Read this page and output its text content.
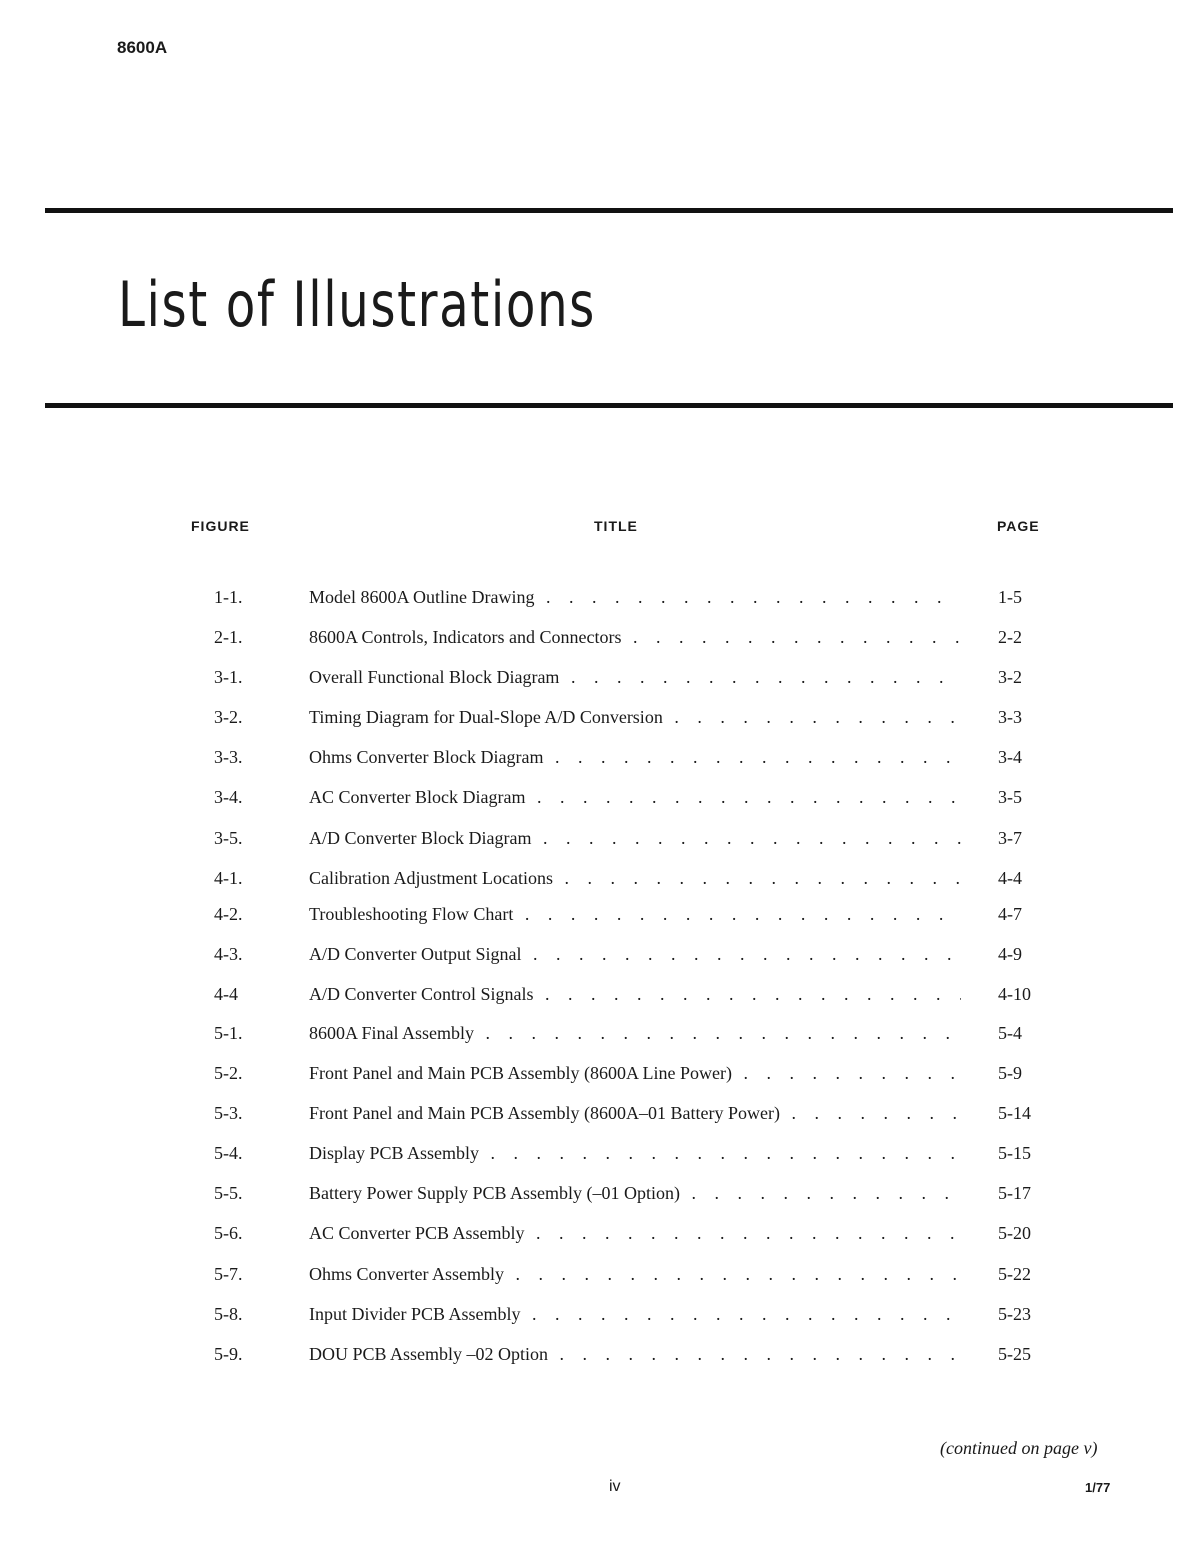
8600A
List of Illustrations
FIGURE	TITLE	PAGE
1-1.	Model 8600A Outline Drawing . . .	1-5
2-1.	8600A Controls, Indicators and Connectors . . .	2-2
3-1.	Overall Functional Block Diagram . . .	3-2
3-2.	Timing Diagram for Dual-Slope A/D Conversion . . .	3-3
3-3.	Ohms Converter Block Diagram . . .	3-4
3-4.	AC Converter Block Diagram . . .	3-5
3-5.	A/D Converter Block Diagram . . .	3-7
4-1.	Calibration Adjustment Locations . . .	4-4
4-2.	Troubleshooting Flow Chart . . .	4-7
4-3.	A/D Converter Output Signal . . .	4-9
4-4	A/D Converter Control Signals . . .	4-10
5-1.	8600A Final Assembly . . .	5-4
5-2.	Front Panel and Main PCB Assembly (8600A Line Power) . . .	5-9
5-3.	Front Panel and Main PCB Assembly (8600A–01 Battery Power) . . .	5-14
5-4.	Display PCB Assembly . . .	5-15
5-5.	Battery Power Supply PCB Assembly (–01 Option) . . .	5-17
5-6.	AC Converter PCB Assembly . . .	5-20
5-7.	Ohms Converter Assembly . . .	5-22
5-8.	Input Divider PCB Assembly . . .	5-23
5-9.	DOU PCB Assembly –02 Option . . .	5-25
(continued on page v)
iv	1/77
